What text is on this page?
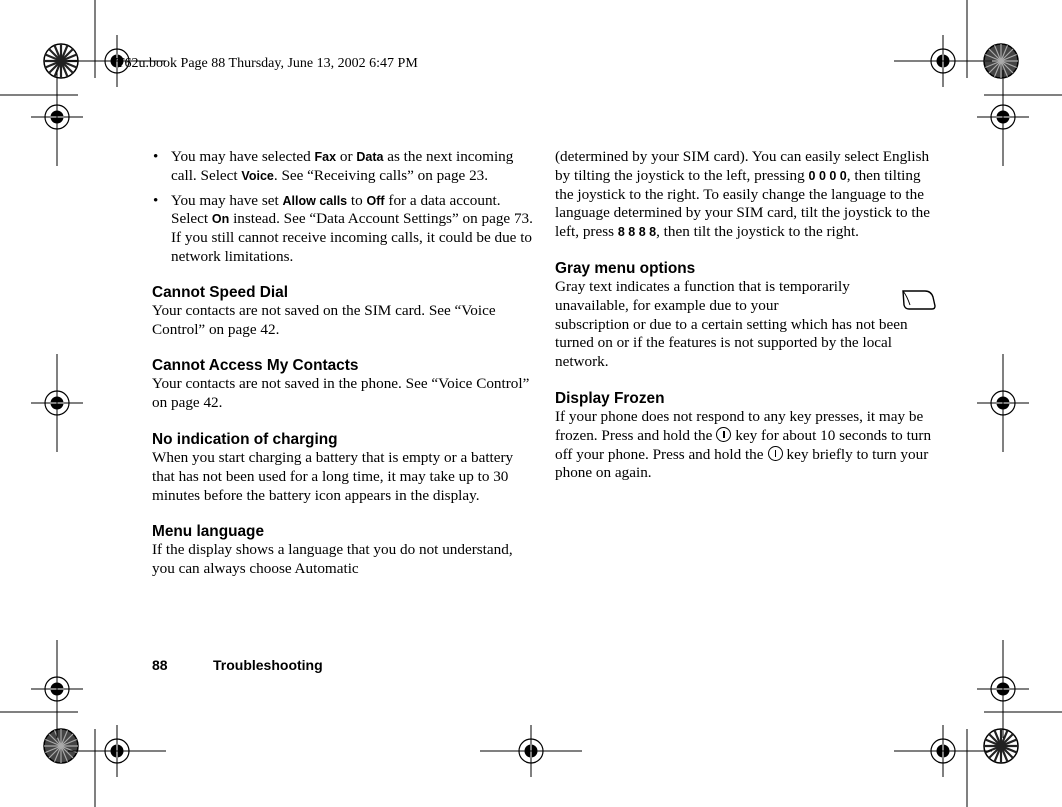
T62u.book Page 88 Thursday, June 13, 2002 6:47 PM
• You may have selected Fax or Data as the next incoming call. Select Voice. See “Receiving calls” on page 23.
• You may have set Allow calls to Off for a data account. Select On instead. See “Data Account Settings” on page 73. If you still cannot receive incoming calls, it could be due to network limitations.
Cannot Speed Dial

Your contacts are not saved on the SIM card. See “Voice Control” on page 42.

Cannot Access My Contacts

Your contacts are not saved in the phone. See “Voice Control” on page 42.

No indication of charging

When you start charging a battery that is empty or a battery that has not been used for a long time, it may take up to 30 minutes before the battery icon appears in the display.

Menu language

If the display shows a language that you do not understand, you can always choose Automatic

(determined by your SIM card). You can easily select English by tilting the joystick to the left, pressing 0 0 0 0, then tilting the joystick to the right. To easily change the language to the language determined by your SIM card, tilt the joystick to the left, press 8 8 8 8, then tilt the joystick to the right.

Gray menu options

Gray text indicates a function that is temporarily
unavailable, for example due to your
subscription or due to a certain setting which has not been turned on or if the features is not supported by the local network.

Display Frozen

If your phone does not respond to any key presses, it may be frozen. Press and hold the key for about 10 seconds to turn off your phone. Press and hold the key briefly to turn your phone on again.

88	Troubleshooting
